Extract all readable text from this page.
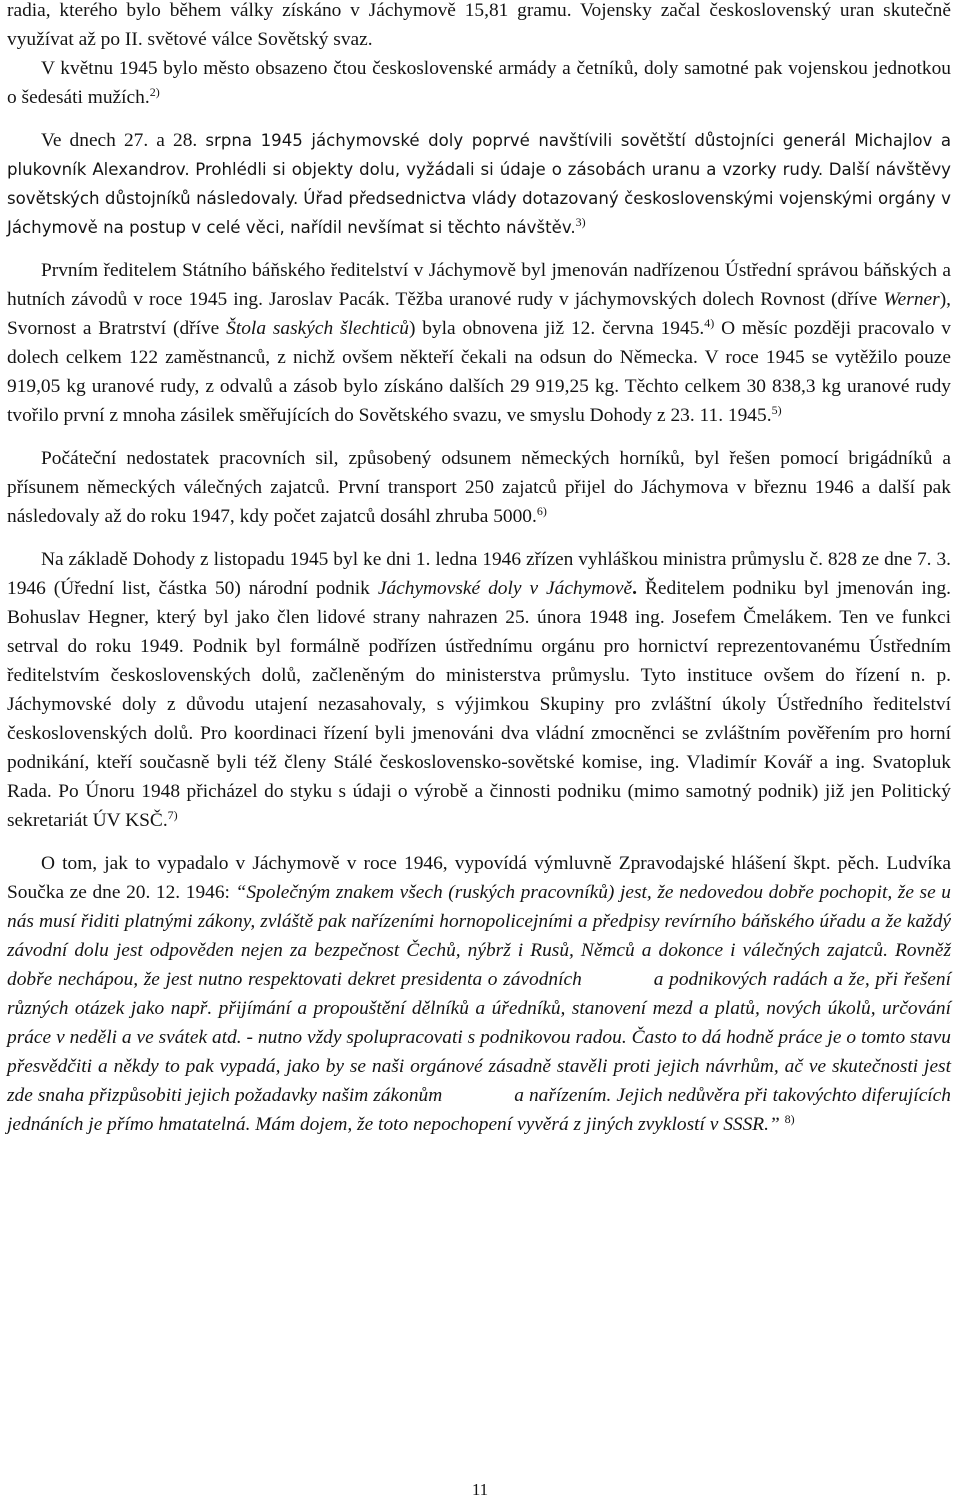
radia, kterého bylo během války získáno v Jáchymově 15,81 gramu. Vojensky začal československý uran skutečně využívat až po II. světové válce Sovětský svaz.
V květnu 1945 bylo město obsazeno čtou československé armády a četníků, doly samotné pak vojenskou jednotkou o šedesáti mužích.$^{2)}$

Ve dnech 27. a 28. srpna 1945 jáchymovské doly poprvé navštívili sovětští důstojníci generál Michajlov a plukovník Alexandrov. Prohlédli si objekty dolu, vyžádali si údaje o zásobách uranu a vzorky rudy. Další návštěvy sovětských důstojníků následovaly. Úřad předsednictva vlády dotazovaný československými vojenskými orgány v Jáchymově na postup v celé věci, nařídil nevšímat si těchto návštěv.$^{3)}$

Prvním ředitelem Státního báňského ředitelství v Jáchymově byl jmenován nadřízenou Ústřední správou báňských a hutních závodů v roce 1945 ing. Jaroslav Pacák. Těžba uranové rudy v jáchymovských dolech Rovnost (dříve Werner), Svornost a Bratrství (dříve Štola saských šlechticů) byla obnovena již 12. června 1945.$^{4)}$ O měsíc později pracovalo v dolech celkem 122 zaměstnanců, z nichž ovšem někteří čekali na odsun do Německa. V roce 1945 se vytěžilo pouze 919,05 kg uranové rudy, z odvalů a zásob bylo získáno dalších 29 919,25 kg. Těchto celkem 30 838,3 kg uranové rudy tvořilo první z mnoha zásilek směřujících do Sovětského svazu, ve smyslu Dohody z 23. 11. 1945.$^{5)}$

Počáteční nedostatek pracovních sil, způsobený odsunem německých horníků, byl řešen pomocí brigádníků a přísunem německých válečných zajatců. První transport 250 zajatců přijel do Jáchymova v březnu 1946 a další pak následovaly až do roku 1947, kdy počet zajatců dosáhl zhruba 5000.$^{6)}$

Na základě Dohody z listopadu 1945 byl ke dni 1. ledna 1946 zřízen vyhláškou ministra průmyslu č. 828 ze dne 7. 3. 1946 (Úřední list, částka 50) národní podnik Jáchymovské doly v Jáchymově. Ředitelem podniku byl jmenován ing. Bohuslav Hegner, který byl jako člen lidové strany nahrazen 25. února 1948 ing. Josefem Čmelákem. Ten ve funkci setrval do roku 1949. Podnik byl formálně podřízen ústřednímu orgánu pro hornictví reprezentovanému Ústředním ředitelstvím československých dolů, začleněným do ministerstva průmyslu. Tyto instituce ovšem do řízení n. p. Jáchymovské doly z důvodu utajení nezasahovaly, s výjimkou Skupiny pro zvláštní úkoly Ústředního ředitelství československých dolů. Pro koordinaci řízení byli jmenováni dva vládní zmocněnci se zvláštním pověřením pro horní podnikání, kteří současně byli též členy Stálé československo-sovětské komise, ing. Vladimír Kovář a ing. Svatopluk Rada. Po Únoru 1948 přicházel do styku s údaji o výrobě a činnosti podniku (mimo samotný podnik) již jen Politický sekretariát ÚV KSČ.$^{7)}$

O tom, jak to vypadalo v Jáchymově v roce 1946, vypovídá výmluvně Zpravodajské hlášení škpt. pěch. Ludvíka Součka ze dne 20. 12. 1946: “Společným znakem všech (ruských pracovníků) jest, že nedovedou dobře pochopit, že se u nás musí řiditi platnými zákony, zvláště pak nařízeními hornopolicejními a předpisy revírního báňského úřadu a že každý závodní dolu jest odpověden nejen za bezpečnost Čechů, nýbrž i Rusů, Němců a dokonce i válečných zajatců. Rovněž dobře nechápou, že jest nutno respektovati dekret presidenta o závodních	a podnikových radách a že, při řešení různých otázek jako např. přijímání a propouštění dělníků a úředníků, stanovení mezd a platů, nových úkolů, určování práce v neděli a ve svátek atd. - nutno vždy spolupracovati s podnikovou radou. Často to dá hodně práce je o tomto stavu přesvědčiti a někdy to pak vypadá, jako by se naši orgánové zásadně stavěli proti jejich návrhům, ač ve skutečnosti jest zde snaha přizpůsobiti jejich požadavky našim zákonům	a nařízením. Jejich nedůvěra při takovýchto diferujících jednáních je přímo hmatatelná. Mám dojem, že toto nepochopení vyvěrá z jiných zvyklostí v SSSR.” $^{8)}$

11
